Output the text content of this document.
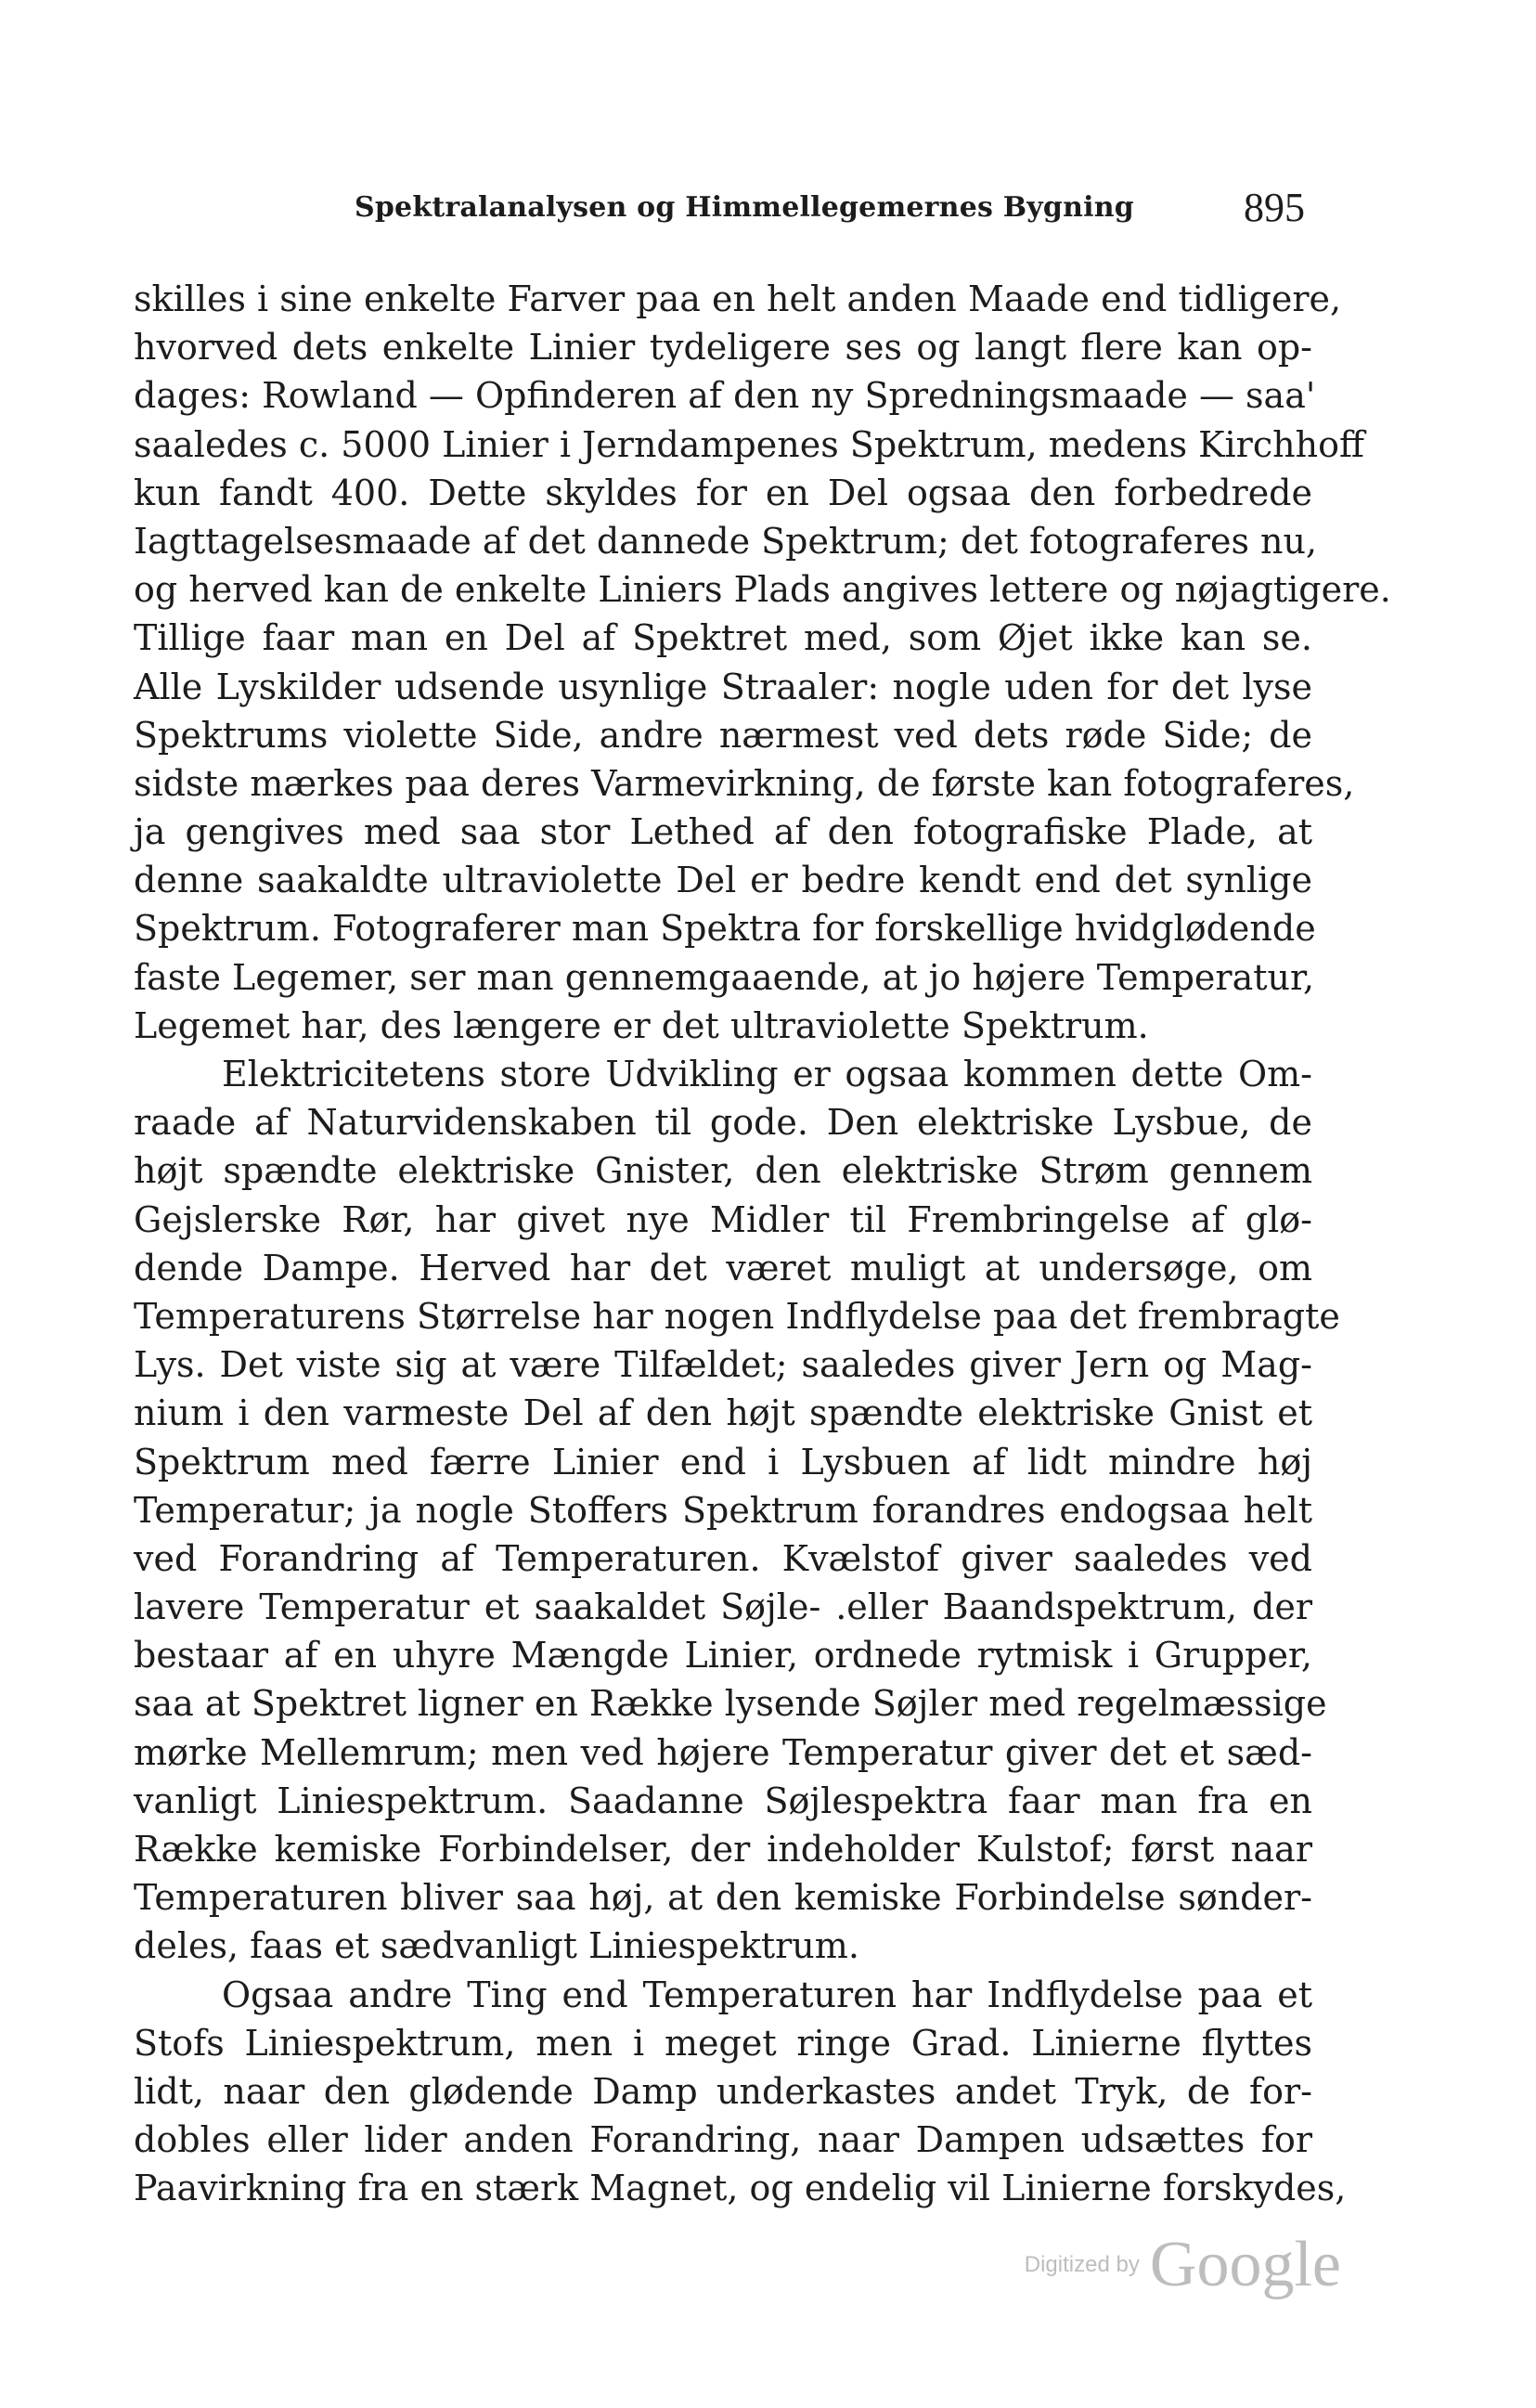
Spektralanalysen og Himmellegemernes Bygning	895
skilles i sine enkelte Farver paa en helt anden Maade end tidligere,
hvorved dets enkelte Linier tydeligere ses og langt flere kan op-
dages: Rowland — Opfinderen af den ny Spredningsmaade — saa'
saaledes c. 5000 Linier i Jerndampenes Spektrum, medens Kirchhoff
kun fandt 400. Dette skyldes for en Del ogsaa den forbedrede
Iagttagelsesmaade af det dannede Spektrum; det fotograferes nu,
og herved kan de enkelte Liniers Plads angives lettere og nøjagtigere.
Tillige faar man en Del af Spektret med, som Øjet ikke kan se.
Alle Lyskilder udsende usynlige Straaler: nogle uden for det lyse
Spektrums violette Side, andre nærmest ved dets røde Side; de
sidste mærkes paa deres Varmevirkning, de første kan fotograferes,
ja gengives med saa stor Lethed af den fotografiske Plade, at
denne saakaldte ultraviolette Del er bedre kendt end det synlige
Spektrum. Fotograferer man Spektra for forskellige hvidglødende
faste Legemer, ser man gennemgaaende, at jo højere Temperatur,
Legemet har, des længere er det ultraviolette Spektrum.
Elektricitetens store Udvikling er ogsaa kommen dette Om-
raade af Naturvidenskaben til gode. Den elektriske Lysbue, de
højt spændte elektriske Gnister, den elektriske Strøm gennem
Gejslerske Rør, har givet nye Midler til Frembringelse af glø-
dende Dampe. Herved har det været muligt at undersøge, om
Temperaturens Størrelse har nogen Indflydelse paa det frembragte
Lys. Det viste sig at være Tilfældet; saaledes giver Jern og Mag-
nium i den varmeste Del af den højt spændte elektriske Gnist et
Spektrum med færre Linier end i Lysbuen af lidt mindre høj
Temperatur; ja nogle Stoffers Spektrum forandres endogsaa helt
ved Forandring af Temperaturen. Kvælstof giver saaledes ved
lavere Temperatur et saakaldet Søjle- .eller Baandspektrum, der
bestaar af en uhyre Mængde Linier, ordnede rytmisk i Grupper,
saa at Spektret ligner en Række lysende Søjler med regelmæssige
mørke Mellemrum; men ved højere Temperatur giver det et sæd-
vanligt Liniespektrum. Saadanne Søjlespektra faar man fra en
Række kemiske Forbindelser, der indeholder Kulstof; først naar
Temperaturen bliver saa høj, at den kemiske Forbindelse sønder-
deles, faas et sædvanligt Liniespektrum.
Ogsaa andre Ting end Temperaturen har Indflydelse paa et
Stofs Liniespektrum, men i meget ringe Grad. Linierne flyttes
lidt, naar den glødende Damp underkastes andet Tryk, de for-
dobles eller lider anden Forandring, naar Dampen udsættes for
Paavirkning fra en stærk Magnet, og endelig vil Linierne forskydes,
Digitized by Google
